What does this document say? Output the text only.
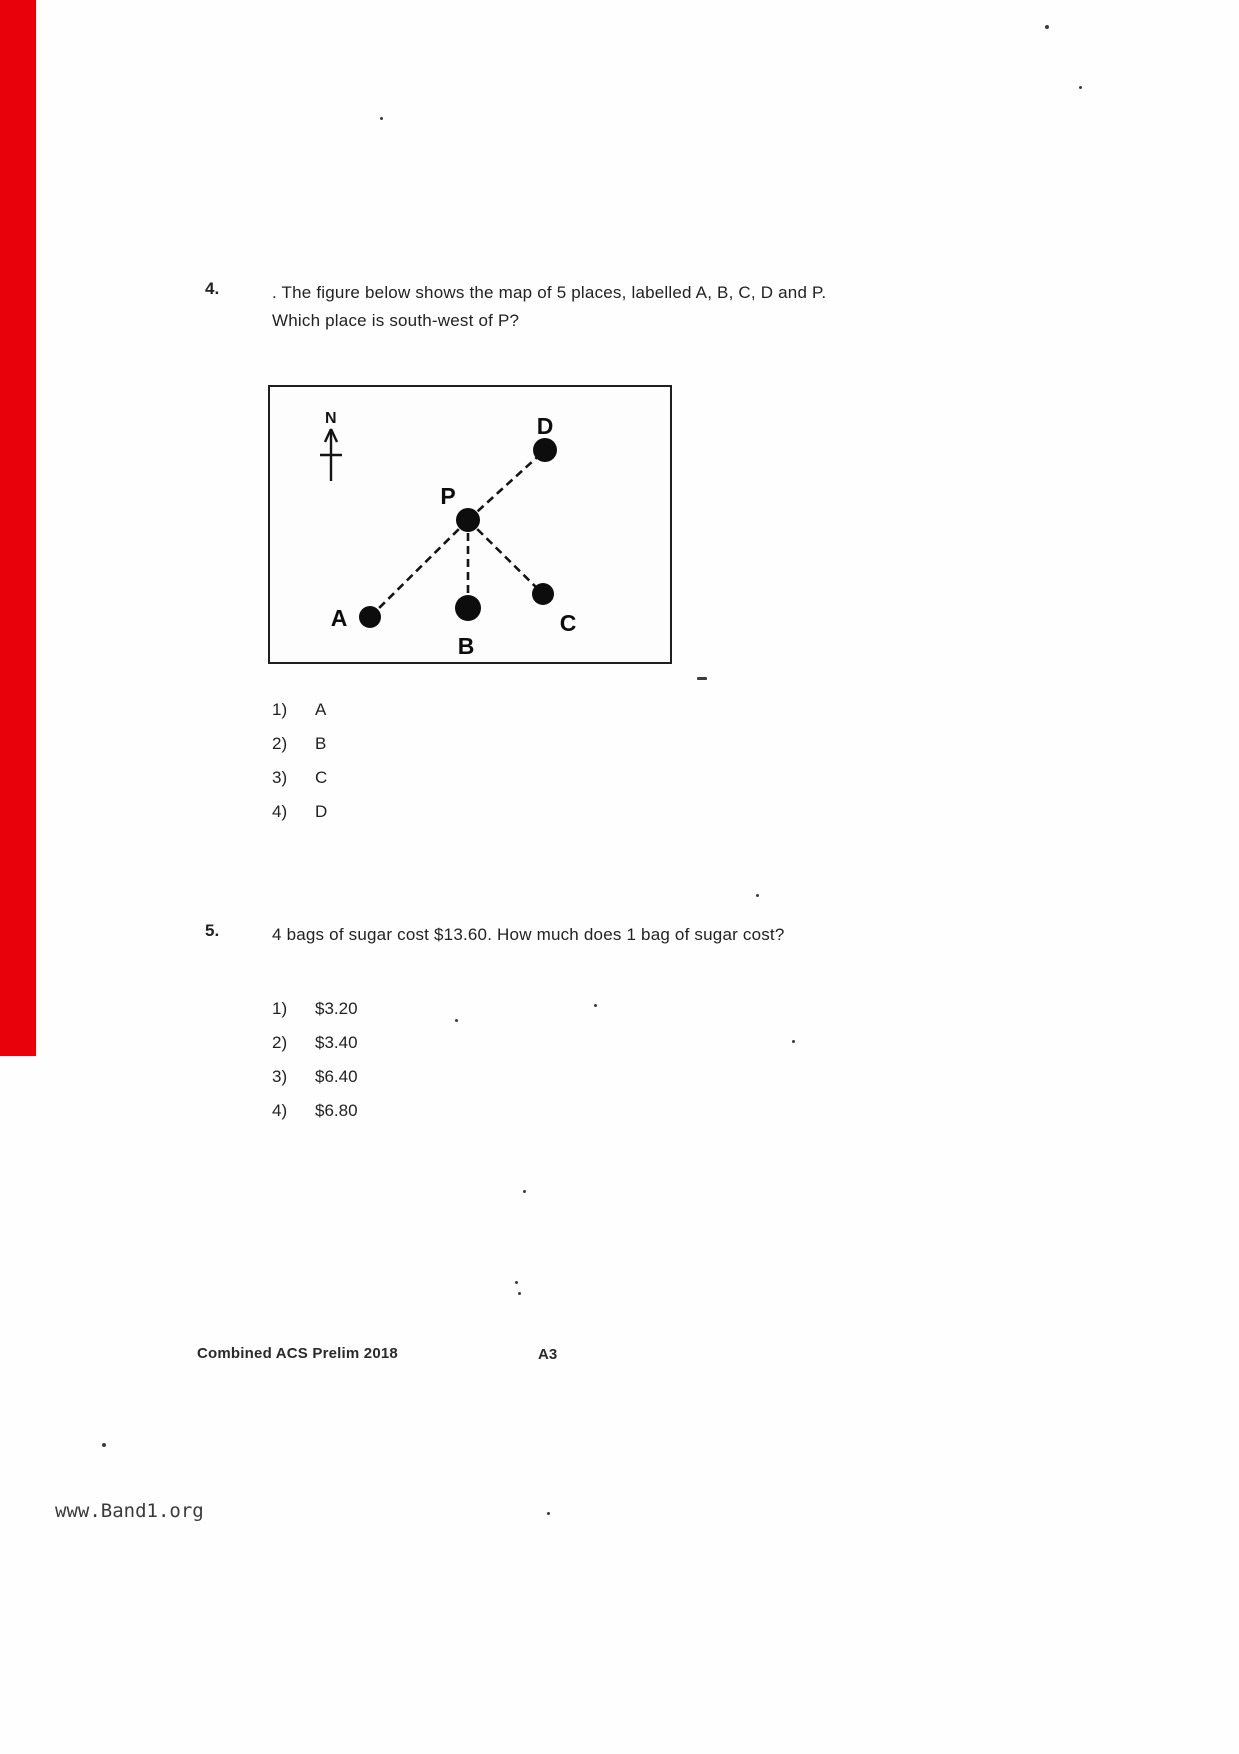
4.	. The figure below shows the map of 5 places, labelled A, B, C, D and P.
Which place is south-west of P?
N	D
P
A
B
C
1)	A
2)	B
3)	C
4)	D
5.	4 bags of sugar cost $13.60. How much does 1 bag of sugar cost?
1)	$3.20
2)	$3.40
3)	$6.40
4)	$6.80
Combined ACS Prelim 2018	A3
www.Band1.org
